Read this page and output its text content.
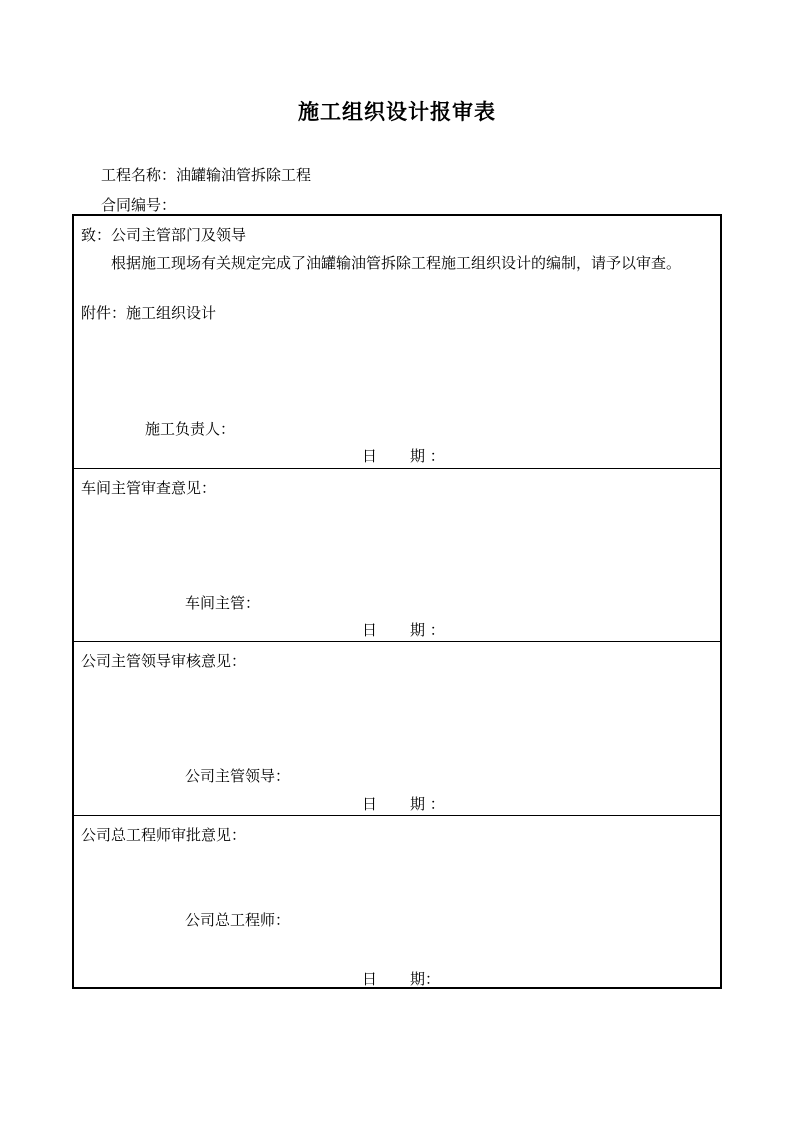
施工组织设计报审表
工程名称：油罐输油管拆除工程
合同编号：
致：公司主管部门及领导
根据施工现场有关规定完成了油罐输油管拆除工程施工组织设计的编制，请予以审查。
附件：施工组织设计
施工负责人：
日 期 ：
车间主管审查意见：
车间主管：
日 期 ：
公司主管领导审核意见：
公司主管领导：
日 期 ：
公司总工程师审批意见：
公司总工程师：
日 期：
